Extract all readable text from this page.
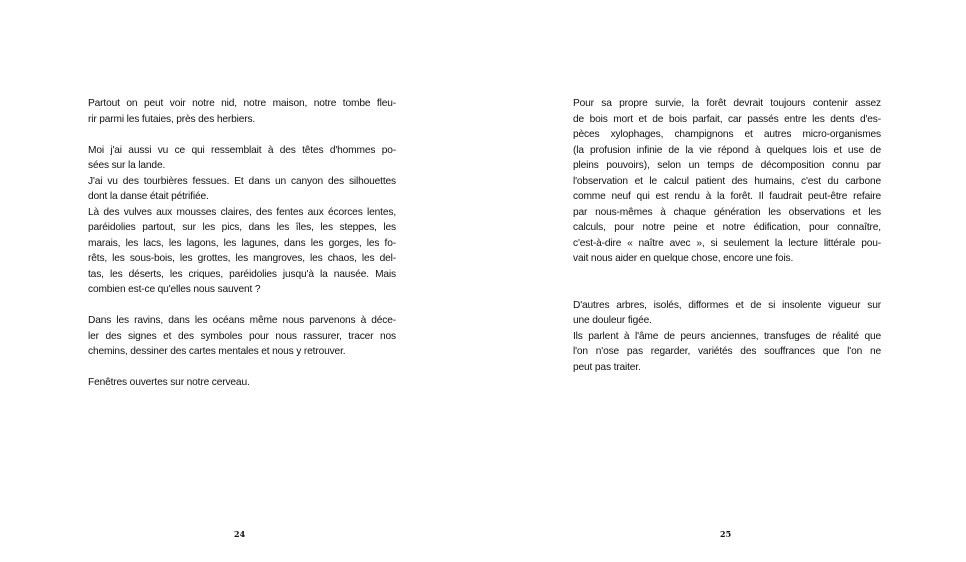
Partout on peut voir notre nid, notre maison, notre tombe fleu-
rir parmi les futaies, près des herbiers.

Moi j'ai aussi vu ce qui ressemblait à des têtes d'hommes po-
sées sur la lande.

J'ai vu des tourbières fessues. Et dans un canyon des silhouettes
dont la danse était pétrifiée.

Là des vulves aux mousses claires, des fentes aux écorces lentes,
paréidolies partout, sur les pics, dans les îles, les steppes, les
marais, les lacs, les lagons, les lagunes, dans les gorges, les fo-
rêts, les sous-bois, les grottes, les mangroves, les chaos, les del-
tas, les déserts, les criques, paréidolies jusqu'à la nausée. Mais
combien est-ce qu'elles nous sauvent ?

Dans les ravins, dans les océans même nous parvenons à déce-
ler des signes et des symboles pour nous rassurer, tracer nos
chemins, dessiner des cartes mentales et nous y retrouver.

Fenêtres ouvertes sur notre cerveau.

24

Pour sa propre survie, la forêt devrait toujours contenir assez
de bois mort et de bois parfait, car passés entre les dents d'es-
pèces xylophages, champignons et autres micro-organismes
(la profusion infinie de la vie répond à quelques lois et use de
pleins pouvoirs), selon un temps de décomposition connu par
l'observation et le calcul patient des humains, c'est du carbone
comme neuf qui est rendu à la forêt. Il faudrait peut-être refaire
par nous-mêmes à chaque génération les observations et les
calculs, pour notre peine et notre édification, pour connaître,
c'est-à-dire « naître avec », si seulement la lecture littérale pou-
vait nous aider en quelque chose, encore une fois.

D'autres arbres, isolés, difformes et de si insolente vigueur sur
une douleur figée.

Ils parlent à l'âme de peurs anciennes, transfuges de réalité que
l'on n'ose pas regarder, variétés des souffrances que l'on ne
peut pas traiter.

25
